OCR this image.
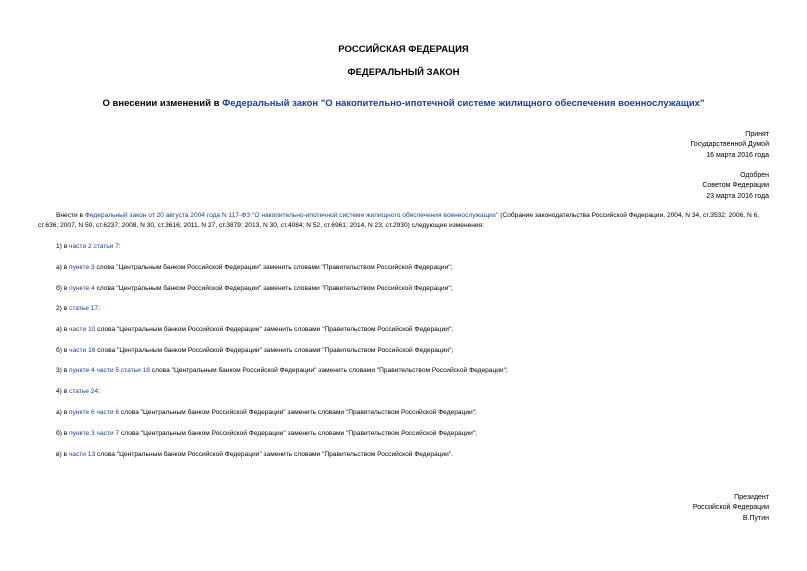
РОССИЙСКАЯ ФЕДЕРАЦИЯ
ФЕДЕРАЛЬНЫЙ ЗАКОН
О внесении изменений в Федеральный закон "О накопительно-ипотечной системе жилищного обеспечения военнослужащих"
Принят
Государственной Думой
16 марта 2016 года
Одобрен
Советом Федерации
23 марта 2016 года
Внести в Федеральный закон от 20 августа 2004 года N 117-ФЗ "О накопительно-ипотечной системе жилищного обеспечения военнослужащих" (Собрание законодательства Российской Федерации, 2004, N 34, ст.3532; 2006, N 6, ст.636; 2007, N 50, ст.6237; 2008, N 30, ст.3616; 2011, N 27, ст.3879; 2013, N 30, ст.4084; N 52, ст.6961; 2014, N 23, ст.2930) следующие изменения:
1) в части 2 статьи 7:
а) в пункте 3 слова "Центральным банком Российской Федерации" заменить словами "Правительством Российской Федерации";
б) в пункте 4 слова "Центральным банком Российской Федерации" заменить словами "Правительством Российской Федерации";
2) в статье 17:
а) в части 10 слова "Центральным банком Российской Федерации" заменить словами "Правительством Российской Федерации";
б) в части 16 слова "Центральным банком Российской Федерации" заменить словами "Правительством Российской Федерации";
3) в пункте 4 части 5 статьи 18 слова "Центральным банком Российской Федерации" заменить словами "Правительством Российской Федерации";
4) в статье 24:
а) в пункте 6 части 6 слова "Центральным банком Российской Федерации" заменить словами "Правительством Российской Федерации";
б) в пункте 3 части 7 слова "Центральным банком Российской Федерации" заменить словами "Правительством Российской Федерации";
в) в части 13 слова "Центральным банком Российской Федерации" заменить словами "Правительством Российской Федерации".
Президент
Российской Федерации
В.Путин
